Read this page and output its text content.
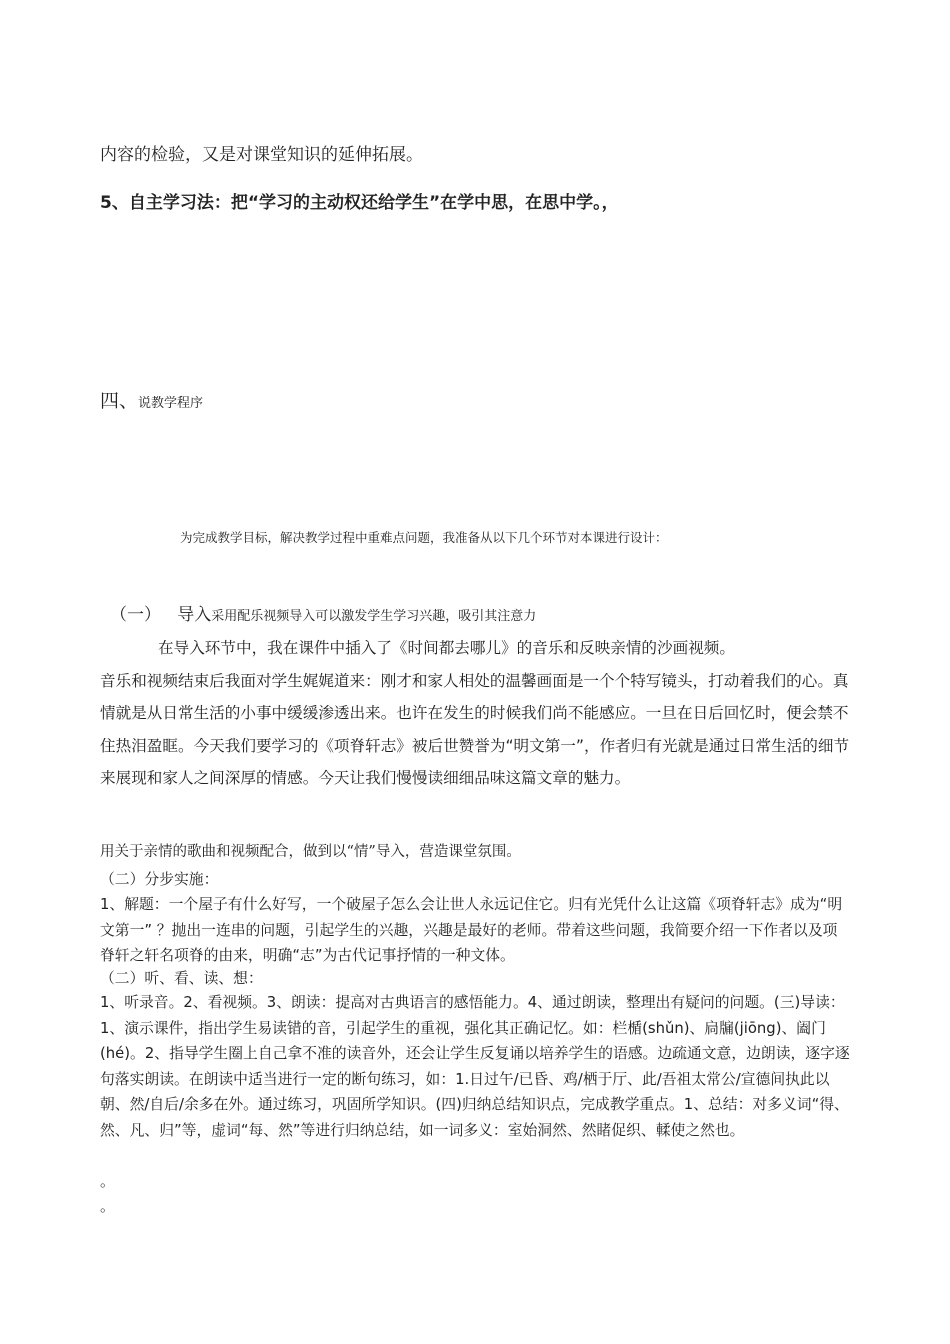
内容的检验，又是对课堂知识的延伸拓展。

5、自主学习法：把“学习的主动权还给学生”在学中思，在思中学。，

四、说教学程序

为完成教学目标，解决教学过程中重难点问题，我准备从以下几个环节对本课进行设计：

（一）   导入采用配乐视频导入可以激发学生学习兴趣，吸引其注意力

在导入环节中，我在课件中插入了《时间都去哪儿》的音乐和反映亲情的沙画视频。
音乐和视频结束后我面对学生娓娓道来：刚才和家人相处的温馨画面是一个个特写镜头，打动着我们的心。真情就是从日常生活的小事中缓缓渗透出来。也许在发生的时候我们尚不能感应。一旦在日后回忆时，便会禁不住热泪盈眶。今天我们要学习的《项脊轩志》被后世赞誉为“明文第一”，作者归有光就是通过日常生活的细节来展现和家人之间深厚的情感。今天让我们慢慢读细细品味这篇文章的魅力。

用关于亲情的歌曲和视频配合，做到以“情”导入，营造课堂氛围。

（二）分步实施：

1、解题：一个屋子有什么好写，一个破屋子怎么会让世人永远记住它。归有光凭什么让这篇《项脊轩志》成为“明文第一” ？抛出一连串的问题，引起学生的兴趣，兴趣是最好的老师。带着这些问题，我简要介绍一下作者以及项脊轩之轩名项脊的由来，明确“志”为古代记事抒情的一种文体。

（二）听、看、读、想：

1、听录音。2、看视频。3、朗读：提高对古典语言的感悟能力。4、通过朗读，整理出有疑问的问题。(三)导读：1、演示课件，指出学生易读错的音，引起学生的重视，强化其正确记忆。如：栏楯(shǔn)、扃牖(jiōng)、阖门(hé)。2、指导学生圈上自己拿不准的读音外，还会让学生反复诵以培养学生的语感。边疏通文意，边朗读，逐字逐句落实朗读。在朗读中适当进行一定的断句练习，如：1.日过午/已昏、鸡/栖于厅、此/吾祖太常公/宣德间执此以朝、然/自后/余多在外。通过练习，巩固所学知识。(四)归纳总结知识点，完成教学重点。1、总结：对多义词“得、然、凡、归”等，虚词“每、然”等进行归纳总结，如一词多义：室始洞然、然睹促织、輮使之然也。

。
。
